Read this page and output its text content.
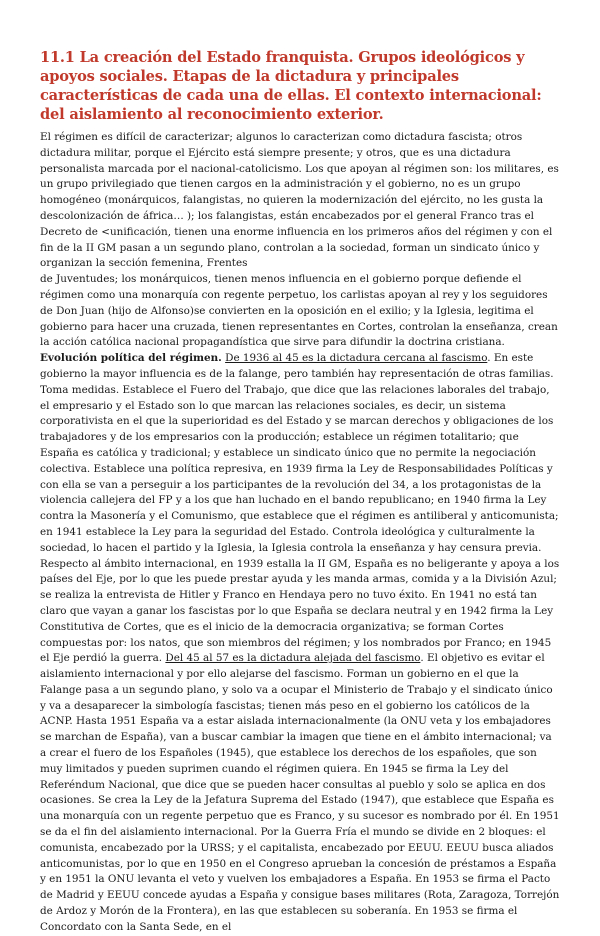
11.1 La creación del Estado franquista. Grupos ideológicos y apoyos sociales. Etapas de la dictadura y principales características de cada una de ellas. El contexto internacional: del aislamiento al reconocimiento exterior.

El régimen es difícil de caracterizar; algunos lo caracterizan como dictadura fascista; otros dictadura militar, porque el Ejército está siempre presente; y otros, que es una dictadura personalista marcada por el nacional-catolicismo. Los que apoyan al régimen son: los militares, es un grupo privilegiado que tienen cargos en la administración y el gobierno, no es un grupo homogéneo (monárquicos, falangistas, no quieren la modernización del ejército, no les gusta la descolonización de áfrica… ); los falangistas, están encabezados por el general Franco tras el Decreto de <unificación, tienen una enorme influencia en los primeros años del régimen y con el fin de la II GM pasan a un segundo plano, controlan a la sociedad, forman un sindicato único y organizan la sección femenina, Frentes

de Juventudes; los monárquicos, tienen menos influencia en el gobierno porque defiende el régimen como una monarquía con regente perpetuo, los carlistas apoyan al rey y los seguidores de Don Juan (hijo de Alfonso)se convierten en la oposición en el exilio; y la Iglesia, legitima el gobierno para hacer una cruzada, tienen representantes en Cortes, controlan la enseñanza, crean la acción católica nacional propagandística que sirve para difundir la doctrina cristiana.

Evolución política del régimen. De 1936 al 45 es la dictadura cercana al fascismo. En este gobierno la mayor influencia es de la falange, pero también hay representación de otras familias. Toma medidas. Establece el Fuero del Trabajo, que dice que las relaciones laborales del trabajo, el empresario y el Estado son lo que marcan las relaciones sociales, es decir, un sistema corporativista en el que la superioridad es del Estado y se marcan derechos y obligaciones de los trabajadores y de los empresarios con la producción; establece un régimen totalitario; que España es católica y tradicional; y establece un sindicato único que no permite la negociación colectiva. Establece una política represiva, en 1939 firma la Ley de Responsabilidades Políticas y con ella se van a perseguir a los participantes de la revolución del 34, a los protagonistas de la violencia callejera del FP y a los que han luchado en el bando republicano; en 1940 firma la Ley contra la Masonería y el Comunismo, que establece que el régimen es antiliberal y anticomunista; en 1941 establece la Ley para la seguridad del Estado. Controla ideológica y culturalmente la sociedad, lo hacen el partido y la Iglesia, la Iglesia controla la enseñanza y hay censura previa. Respecto al ámbito internacional, en 1939 estalla la II GM, España es no beligerante y apoya a los países del Eje, por lo que les puede prestar ayuda y les manda armas, comida y a la División Azul; se realiza la entrevista de Hitler y Franco en Hendaya pero no tuvo éxito. En 1941 no está tan claro que vayan a ganar los fascistas por lo que España se declara neutral y en 1942 firma la Ley Constitutiva de Cortes, que es el inicio de la democracia organizativa; se forman Cortes compuestas por: los natos, que son miembros del régimen; y los nombrados por Franco; en 1945 el Eje perdió la guerra. Del 45 al 57 es la dictadura alejada del fascismo. El objetivo es evitar el aislamiento internacional y por ello alejarse del fascismo. Forman un gobierno en el que la Falange pasa a un segundo plano, y solo va a ocupar el Ministerio de Trabajo y el sindicato único y va a desaparecer la simbología fascistas; tienen más peso en el gobierno los católicos de la ACNP. Hasta 1951 España va a estar aislada internacionalmente (la ONU veta y los embajadores se marchan de España), van a buscar cambiar la imagen que tiene en el ámbito internacional; va a crear el fuero de los Españoles (1945), que establece los derechos de los españoles, que son muy limitados y pueden suprimen cuando el régimen quiera. En 1945 se firma la Ley del Referéndum Nacional, que dice que se pueden hacer consultas al pueblo y solo se aplica en dos ocasiones. Se crea la Ley de la Jefatura Suprema del Estado (1947), que establece que España es una monarquía con un regente perpetuo que es Franco, y su sucesor es nombrado por él. En 1951 se da el fin del aislamiento internacional. Por la Guerra Fría el mundo se divide en 2 bloques: el comunista, encabezado por la URSS; y el capitalista, encabezado por EEUU. EEUU busca aliados anticomunistas, por lo que en 1950 en el Congreso aprueban la concesión de préstamos a España y en 1951 la ONU levanta el veto y vuelven los embajadores a España. En 1953 se firma el Pacto de Madrid y EEUU concede ayudas a España y consigue bases militares (Rota, Zaragoza, Torrejón de Ardoz y Morón de la Frontera), en las que establecen su soberanía. En 1953 se firma el Concordato con la Santa Sede, en el
